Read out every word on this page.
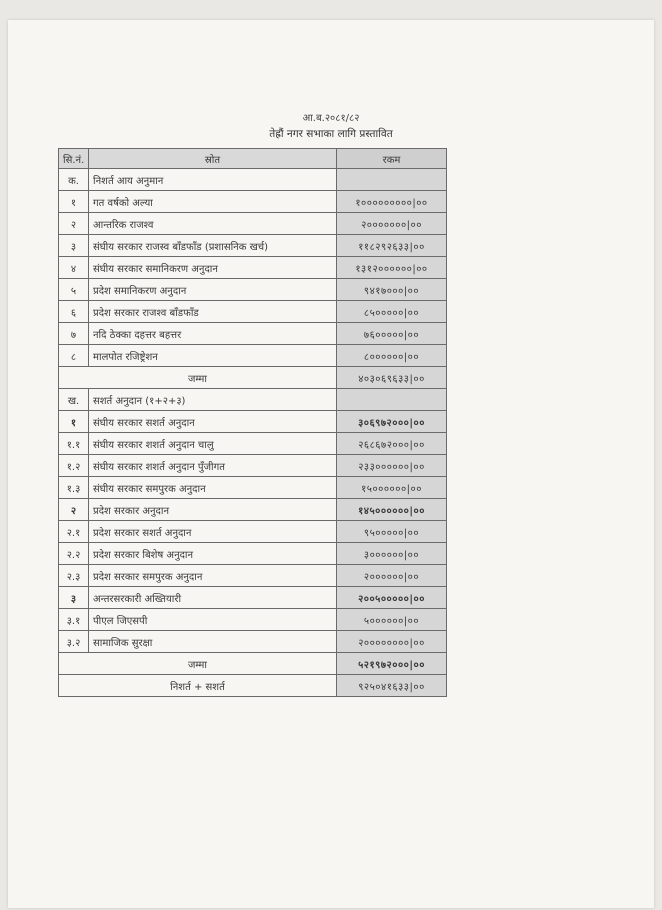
आ.ब.२०८१/८२
तेह्रौं नगर सभाका लागि प्रस्तावित
सि.नं.	स्रोत	रकम
क.	निशर्त आय अनुमान	
१	गत वर्षको अल्या	१०००००००००|००
२	आन्तरिक राजश्व	२०००००००|००
३	संघीय सरकार राजस्व बाँडफाँड (प्रशासनिक खर्च)	११८२९२६३३|००
४	संघीय सरकार समानिकरण अनुदान	१३१२००००००|००
५	प्रदेश समानिकरण अनुदान	९४१७०००|००
६	प्रदेश सरकार राजश्व बाँडफाँड	८५०००००|००
७	नदि ठेक्का दहत्तर बहत्तर	७६०००००|००
८	मालपोत रजिष्ट्रेशन	८००००००|००
जम्मा		४०३०६९६३३|००
ख.	सशर्त अनुदान (१+२+३)	
१	संघीय सरकार सशर्त अनुदान	३०६९७२०००|००
१.१	संघीय सरकार शशर्त अनुदान चालु	२६८६७२०००|००
१.२	संघीय सरकार शशर्त अनुदान पुँजीगत	२३३००००००|००
१.३	संघीय सरकार समपुरक अनुदान	१५००००००|००
२	प्रदेश सरकार अनुदान	१४५००००००|००
२.१	प्रदेश सरकार सशर्त अनुदान	९५०००००|००
२.२	प्रदेश सरकार बिशेष अनुदान	३००००००|००
२.३	प्रदेश सरकार समपुरक अनुदान	२००००००|००
३	अन्तरसरकारी अख्तियारी	२००५०००००|००
३.१	पीएल जिएसपी	५००००००|००
३.२	सामाजिक सुरक्षा	२००००००००|००
जम्मा		५२१९७२०००|००
निशर्त + सशर्त		९२५०४१६३३|००
